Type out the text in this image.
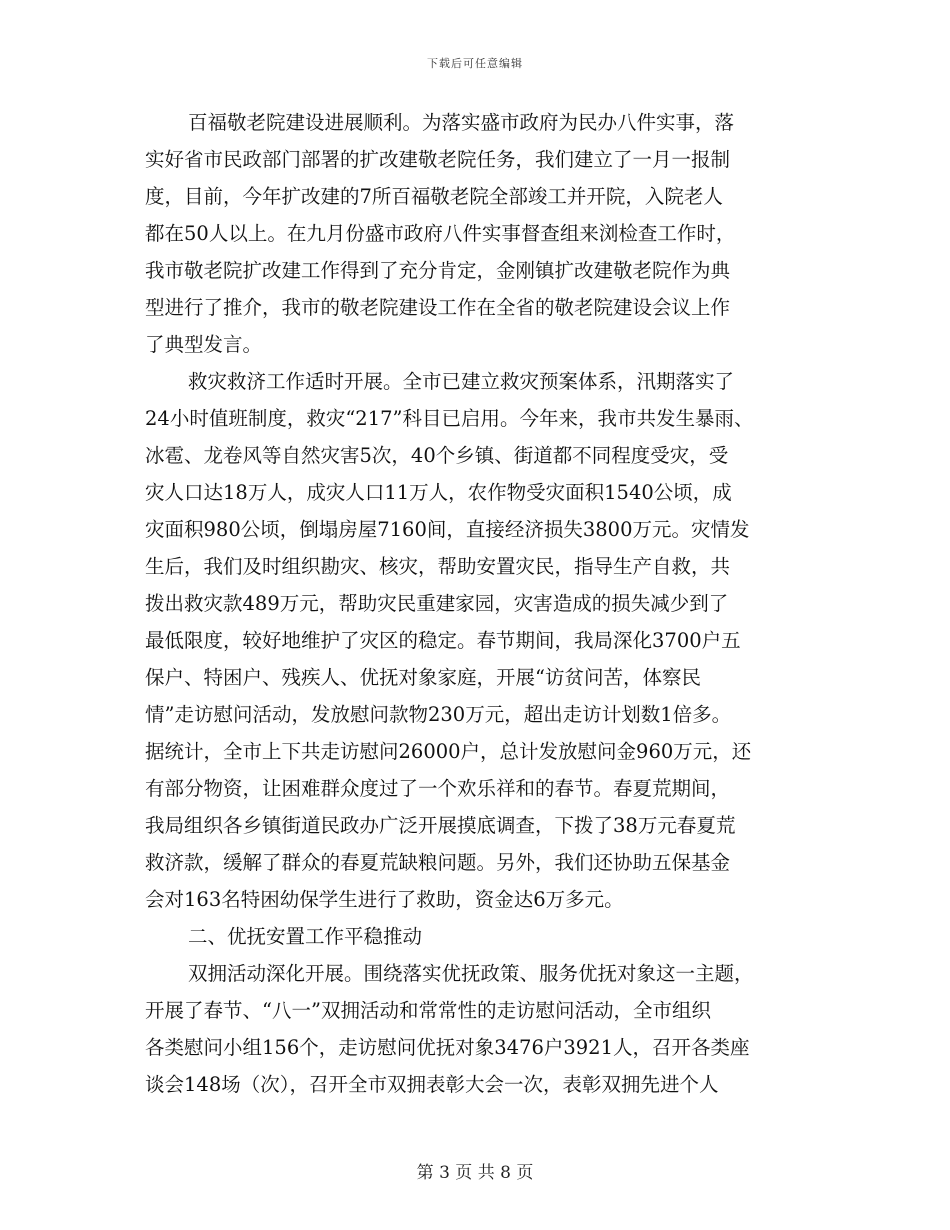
下载后可任意编辑
百福敬老院建设进展顺利。为落实盛市政府为民办八件实事，落
实好省市民政部门部署的扩改建敬老院任务，我们建立了一月一报制
度，目前，今年扩改建的7所百福敬老院全部竣工并开院，入院老人
都在50人以上。在九月份盛市政府八件实事督查组来浏检查工作时，
我市敬老院扩改建工作得到了充分肯定，金刚镇扩改建敬老院作为典
型进行了推介，我市的敬老院建设工作在全省的敬老院建设会议上作
了典型发言。
救灾救济工作适时开展。全市已建立救灾预案体系，汛期落实了
24小时值班制度，救灾“217”科目已启用。今年来，我市共发生暴雨、
冰雹、龙卷风等自然灾害5次，40个乡镇、街道都不同程度受灾，受
灾人口达18万人，成灾人口11万人，农作物受灾面积1540公顷，成
灾面积980公顷，倒塌房屋7160间，直接经济损失3800万元。灾情发
生后，我们及时组织勘灾、核灾，帮助安置灾民，指导生产自救，共
拨出救灾款489万元，帮助灾民重建家园，灾害造成的损失减少到了
最低限度，较好地维护了灾区的稳定。春节期间，我局深化3700户五
保户、特困户、残疾人、优抚对象家庭，开展“访贫问苦，体察民
情”走访慰问活动，发放慰问款物230万元，超出走访计划数1倍多。
据统计，全市上下共走访慰问26000户，总计发放慰问金960万元，还
有部分物资，让困难群众度过了一个欢乐祥和的春节。春夏荒期间，
我局组织各乡镇街道民政办广泛开展摸底调查，下拨了38万元春夏荒
救济款，缓解了群众的春夏荒缺粮问题。另外，我们还协助五保基金
会对163名特困幼保学生进行了救助，资金达6万多元。
二、优抚安置工作平稳推动
双拥活动深化开展。围绕落实优抚政策、服务优抚对象这一主题，
开展了春节、“八一”双拥活动和常常性的走访慰问活动，全市组织
各类慰问小组156个，走访慰问优抚对象3476户3921人，召开各类座
谈会148场（次），召开全市双拥表彰大会一次，表彰双拥先进个人
第 3 页 共 8 页
